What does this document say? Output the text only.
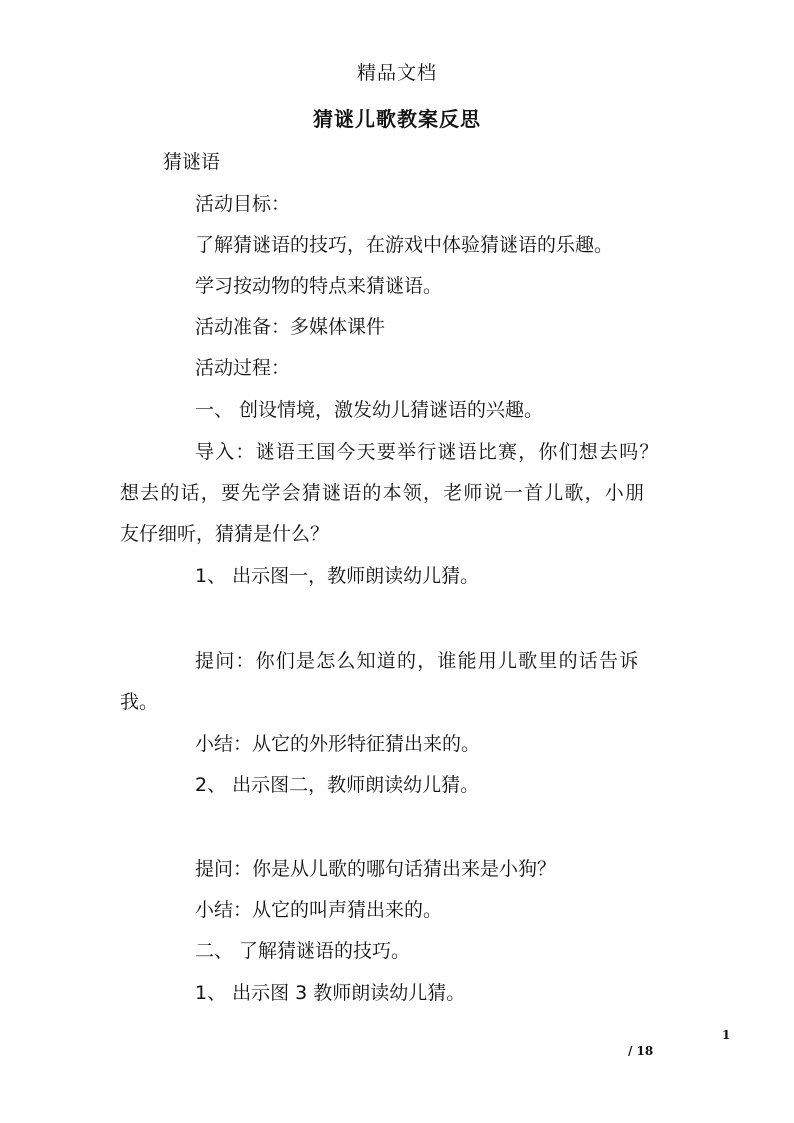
精品文档
猜谜儿歌教案反思
猜谜语
活动目标：
了解猜谜语的技巧，在游戏中体验猜谜语的乐趣。
学习按动物的特点来猜谜语。
活动准备：多媒体课件
活动过程：
一、 创设情境，激发幼儿猜谜语的兴趣。
导入：谜语王国今天要举行谜语比赛，你们想去吗？
想去的话，要先学会猜谜语的本领，老师说一首儿歌，小朋
友仔细听，猜猜是什么？
1、 出示图一，教师朗读幼儿猜。
提问：你们是怎么知道的，谁能用儿歌里的话告诉
我。
小结：从它的外形特征猜出来的。
2、 出示图二，教师朗读幼儿猜。
提问：你是从儿歌的哪句话猜出来是小狗？
小结：从它的叫声猜出来的。
二、 了解猜谜语的技巧。
1、 出示图 3 教师朗读幼儿猜。
1
/ 18
